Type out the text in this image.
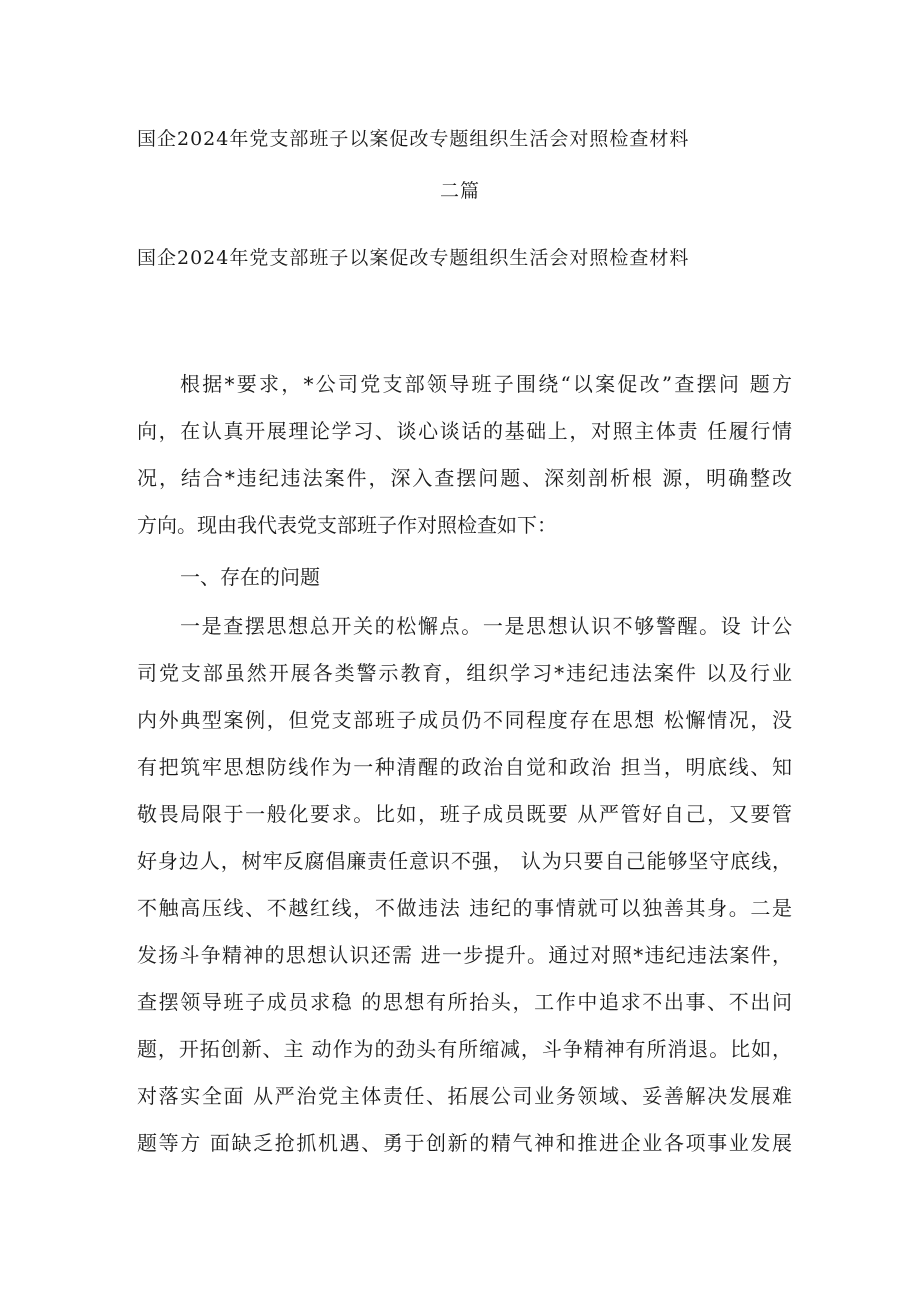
国企2024年党支部班子以案促改专题组织生活会对照检查材料
二篇
国企2024年党支部班子以案促改专题组织生活会对照检查材料
根据*要求，*公司党支部领导班子围绕“以案促改”查摆问 题方
向，在认真开展理论学习、谈心谈话的基础上，对照主体责 任履行情
况，结合*违纪违法案件，深入查摆问题、深刻剖析根 源，明确整改
方向。现由我代表党支部班子作对照检查如下：
一、存在的问题
一是查摆思想总开关的松懈点。一是思想认识不够警醒。设 计公
司党支部虽然开展各类警示教育，组织学习*违纪违法案件 以及行业
内外典型案例，但党支部班子成员仍不同程度存在思想 松懈情况，没
有把筑牢思想防线作为一种清醒的政治自觉和政治 担当，明底线、知
敬畏局限于一般化要求。比如，班子成员既要 从严管好自己，又要管
好身边人，树牢反腐倡廉责任意识不强， 认为只要自己能够坚守底线，
不触高压线、不越红线，不做违法 违纪的事情就可以独善其身。二是
发扬斗争精神的思想认识还需 进一步提升。通过对照*违纪违法案件，
查摆领导班子成员求稳 的思想有所抬头，工作中追求不出事、不出问
题，开拓创新、主 动作为的劲头有所缩减，斗争精神有所消退。比如，
对落实全面 从严治党主体责任、拓展公司业务领域、妥善解决发展难
题等方 面缺乏抢抓机遇、勇于创新的精气神和推进企业各项事业发展
